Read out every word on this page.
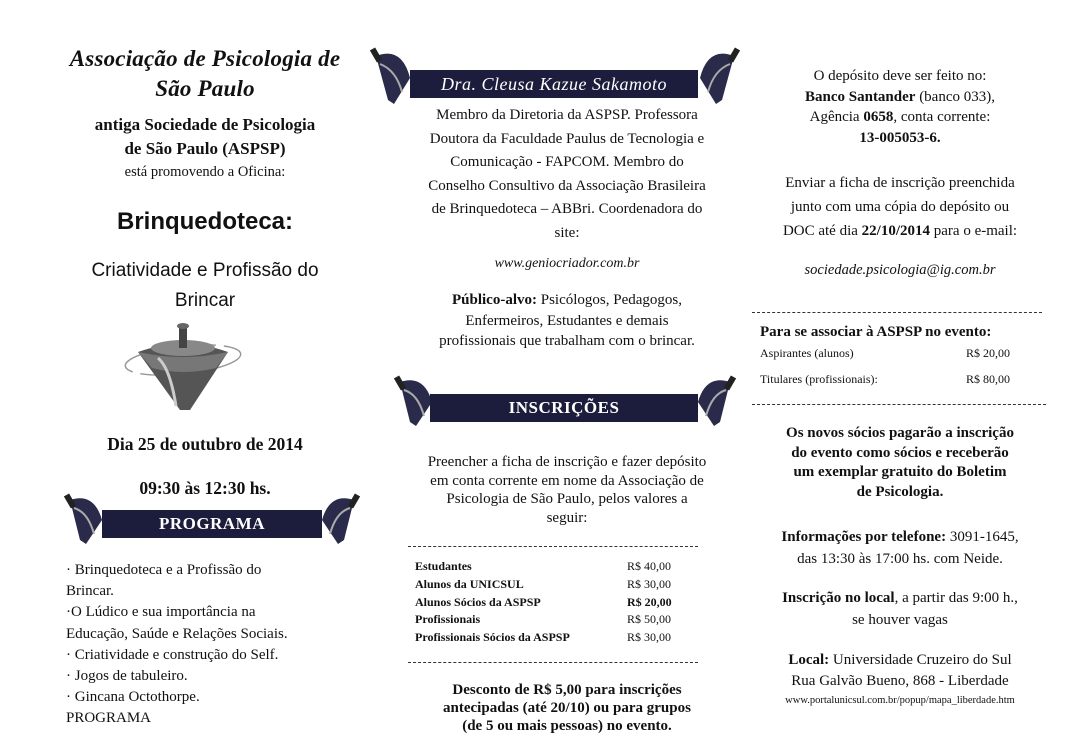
Associação de Psicologia de
São Paulo
antiga Sociedade de Psicologia
de São Paulo (ASPSP)
está promovendo a Oficina:
Brinquedoteca:
Criatividade e Profissão do
Brincar
Dia 25 de outubro de 2014
09:30 às 12:30 hs.
PROGRAMA
· Brinquedoteca e a Profissão do
Brincar.
·O Lúdico e sua importância na
Educação, Saúde e Relações Sociais.
· Criatividade e construção do Self.
· Jogos de tabuleiro.
· Gincana Octothorpe.
PROGRAMA
Dra. Cleusa Kazue Sakamoto
Membro da Diretoria da ASPSP. Professora
Doutora da Faculdade Paulus de Tecnologia e
Comunicação - FAPCOM. Membro do
Conselho Consultivo da Associação Brasileira
de Brinquedoteca – ABBri. Coordenadora do
site:
www.geniocriador.com.br
Público-alvo: Psicólogos, Pedagogos,
Enfermeiros, Estudantes e demais
profissionais que trabalham com o brincar.
INSCRIÇÕES
Preencher a ficha de inscrição e fazer depósito
em conta corrente em nome da Associação de
Psicologia de São Paulo, pelos valores a
seguir:
Estudantes	R$ 40,00
Alunos da UNICSUL	R$ 30,00
Alunos Sócios da ASPSP	R$ 20,00
Profissionais	R$ 50,00
Profissionais Sócios da ASPSP	R$ 30,00
Desconto de R$ 5,00 para inscrições
antecipadas (até 20/10) ou para grupos
(de 5 ou mais pessoas) no evento.
O depósito deve ser feito no:
Banco Santander (banco 033),
Agência 0658, conta corrente:
13-005053-6.
Enviar a ficha de inscrição preenchida
junto com uma cópia do depósito ou
DOC até dia 22/10/2014 para o e-mail:
sociedade.psicologia@ig.com.br
Para se associar à ASPSP no evento:
Aspirantes (alunos)	R$ 20,00
Titulares (profissionais):	R$ 80,00
Os novos sócios pagarão a inscrição
do evento como sócios e receberão
um exemplar gratuito do Boletim
de Psicologia.
Informações por telefone: 3091-1645,
das 13:30 às 17:00 hs. com Neide.
Inscrição no local, a partir das 9:00 h.,
se houver vagas
Local: Universidade Cruzeiro do Sul
Rua Galvão Bueno, 868 - Liberdade
www.portalunicsul.com.br/popup/mapa_liberdade.htm
